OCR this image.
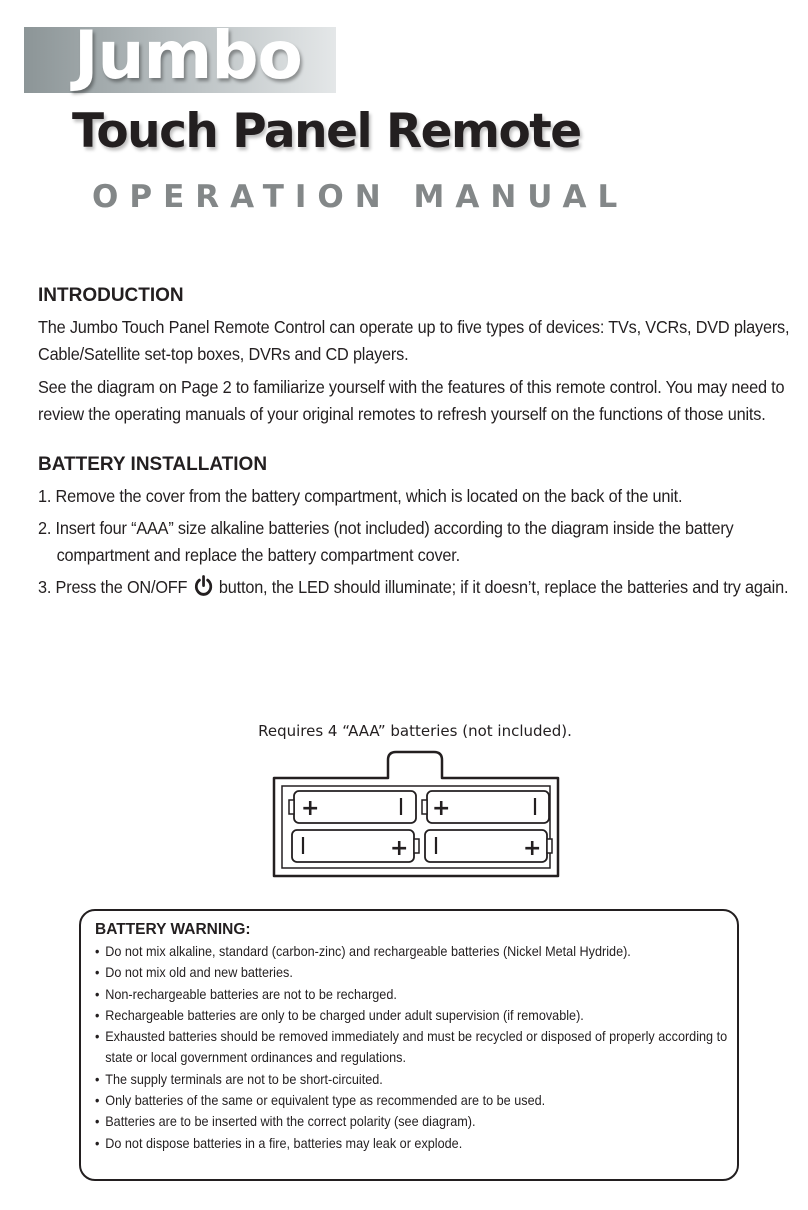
Jumbo
Touch Panel Remote
OPERATION MANUAL
INTRODUCTION

The Jumbo Touch Panel Remote Control can operate up to five types of devices: TVs, VCRs, DVD players, Cable/Satellite set-top boxes, DVRs and CD players.

See the diagram on Page 2 to familiarize yourself with the features of this remote control. You may need to review the operating manuals of your original remotes to refresh yourself on the functions of those units.

BATTERY INSTALLATION
1. Remove the cover from the battery compartment, which is located on the back of the unit.
2. Insert four “AAA” size alkaline batteries (not included) according to the diagram inside the battery compartment and replace the battery compartment cover.
3. Press the ON/OFF button, the LED should illuminate; if it doesn’t, replace the batteries and try again.

Requires 4 “AAA” batteries (not included).

+	+
+	+
BATTERY WARNING:
• Do not mix alkaline, standard (carbon-zinc) and rechargeable batteries (Nickel Metal Hydride).
• Do not mix old and new batteries.
• Non-rechargeable batteries are not to be recharged.
• Rechargeable batteries are only to be charged under adult supervision (if removable).
• Exhausted batteries should be removed immediately and must be recycled or disposed of properly according to state or local government ordinances and regulations.
• The supply terminals are not to be short-circuited.
• Only batteries of the same or equivalent type as recommended are to be used.
• Batteries are to be inserted with the correct polarity (see diagram).
• Do not dispose batteries in a fire, batteries may leak or explode.
